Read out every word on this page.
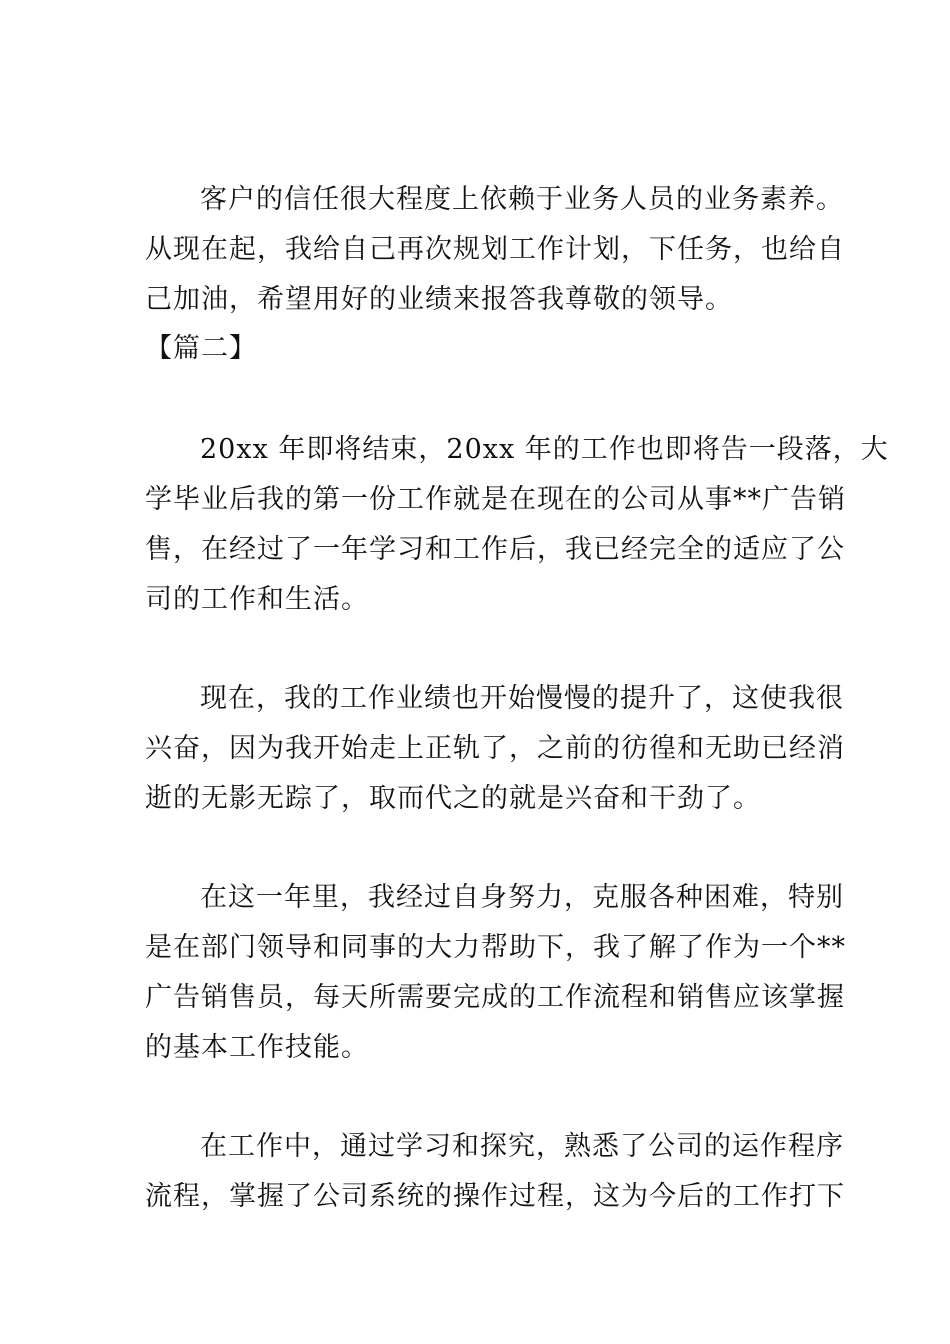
客户的信任很大程度上依赖于业务人员的业务素养。
从现在起，我给自己再次规划工作计划，下任务，也给自
己加油，希望用好的业绩来报答我尊敬的领导。
【篇二】
20xx 年即将结束，20xx 年的工作也即将告一段落，大
学毕业后我的第一份工作就是在现在的公司从事**广告销
售，在经过了一年学习和工作后，我已经完全的适应了公
司的工作和生活。
现在，我的工作业绩也开始慢慢的提升了，这使我很
兴奋，因为我开始走上正轨了，之前的彷徨和无助已经消
逝的无影无踪了，取而代之的就是兴奋和干劲了。
在这一年里，我经过自身努力，克服各种困难，特别
是在部门领导和同事的大力帮助下，我了解了作为一个**
广告销售员，每天所需要完成的工作流程和销售应该掌握
的基本工作技能。
在工作中，通过学习和探究，熟悉了公司的运作程序
流程，掌握了公司系统的操作过程，这为今后的工作打下
